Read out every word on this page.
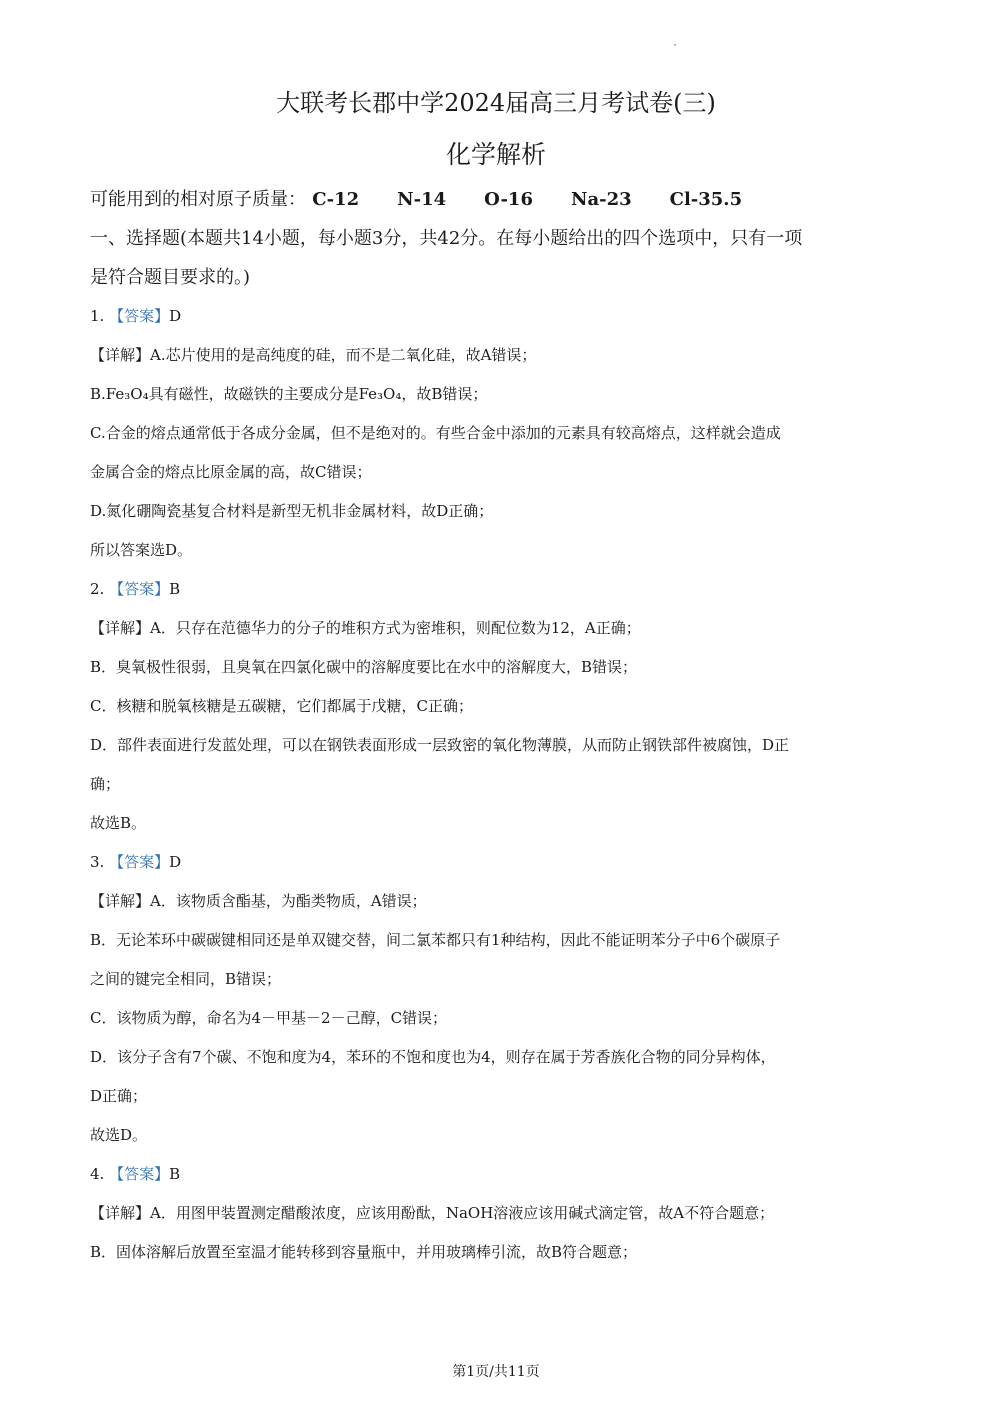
大联考长郡中学2024届高三月考试卷(三)
化学解析
可能用到的相对原子质量： C-12 N-14 O-16 Na-23 Cl-35.5
一、选择题(本题共14小题，每小题3分，共42分。在每小题给出的四个选项中，只有一项
是符合题目要求的。)
1. 【答案】D
【详解】A.芯片使用的是高纯度的硅，而不是二氧化硅，故A错误；
B.Fe₃O₄具有磁性，故磁铁的主要成分是Fe₃O₄，故B错误；
C.合金的熔点通常低于各成分金属，但不是绝对的。有些合金中添加的元素具有较高熔点，这样就会造成
金属合金的熔点比原金属的高，故C错误；
D.氮化硼陶瓷基复合材料是新型无机非金属材料，故D正确；
所以答案选D。
2. 【答案】B
【详解】A．只存在范德华力的分子的堆积方式为密堆积，则配位数为12，A正确；
B．臭氧极性很弱，且臭氧在四氯化碳中的溶解度要比在水中的溶解度大，B错误；
C．核糖和脱氧核糖是五碳糖，它们都属于戊糖，C正确；
D．部件表面进行发蓝处理，可以在钢铁表面形成一层致密的氧化物薄膜，从而防止钢铁部件被腐蚀，D正
确；
故选B。
3. 【答案】D
【详解】A．该物质含酯基，为酯类物质，A错误；
B．无论苯环中碳碳键相同还是单双键交替，间二氯苯都只有1种结构，因此不能证明苯分子中6个碳原子
之间的键完全相同，B错误；
C．该物质为醇，命名为4－甲基－2－己醇，C错误；
D．该分子含有7个碳、不饱和度为4，苯环的不饱和度也为4，则存在属于芳香族化合物的同分异构体，
D正确；
故选D。
4. 【答案】B
【详解】A．用图甲装置测定醋酸浓度，应该用酚酞，NaOH溶液应该用碱式滴定管，故A不符合题意；
B．固体溶解后放置至室温才能转移到容量瓶中，并用玻璃棒引流，故B符合题意；
第1页/共11页
